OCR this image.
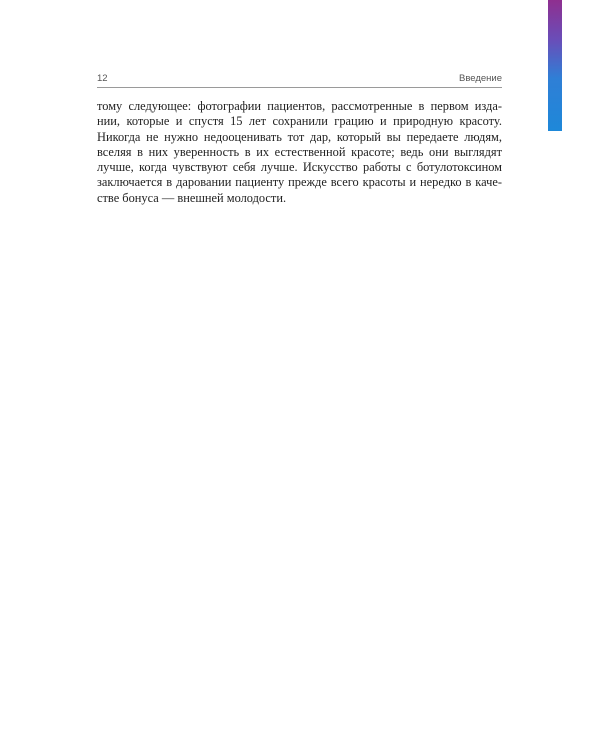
12	Введение
тому следующее: фотографии пациентов, рассмотренные в первом изда-
нии, которые и спустя 15 лет сохранили грацию и природную красоту.
Никогда не нужно недооценивать тот дар, который вы передаете людям,
вселяя в них уверенность в их естественной красоте; ведь они выглядят
лучше, когда чувствуют себя лучше. Искусство работы с ботулотоксином
заключается в даровании пациенту прежде всего красоты и нередко в каче-
стве бонуса — внешней молодости.
